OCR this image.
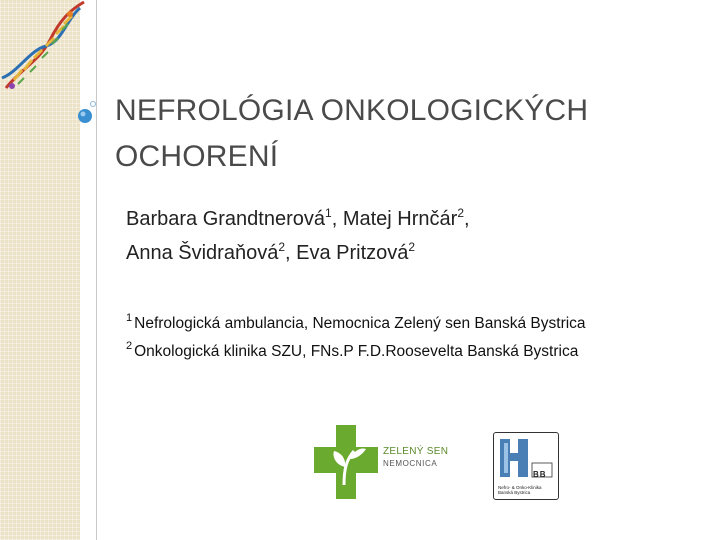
NEFROLÓGIA ONKOLOGICKÝCH
OCHORENÍ
Barbara Grandtnerová$^1$, Matej Hrnčár$^2$,
Anna Švidraňová$^2$, Eva Pritzová$^2$
$^1$ Nefrologická ambulancia, Nemocnica Zelený sen Banská Bystrica
$^2$ Onkologická klinika SZU, FNs.P F.D.Roosevelta Banská Bystrica
ZELENÝ SEN
NEMOCNICA
BB
Nefro- & Onko-Klinika Banská Bystrica
